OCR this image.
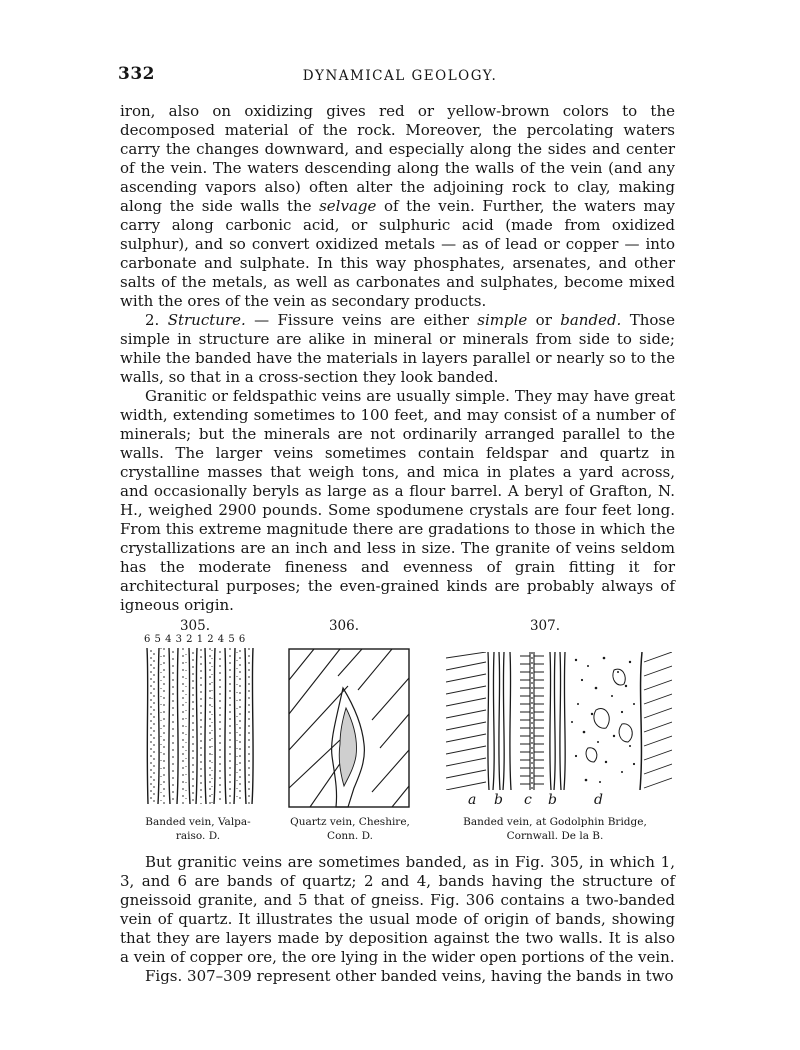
332	DYNAMICAL GEOLOGY.

iron, also on oxidizing gives red or yellow-brown colors to the decomposed material of the rock. Moreover, the percolating waters carry the changes downward, and especially along the sides and center of the vein. The waters descending along the walls of the vein (and any ascending vapors also) often alter the adjoining rock to clay, making along the side walls the selvage of the vein. Further, the waters may carry along carbonic acid, or sulphuric acid (made from oxidized sulphur), and so convert oxidized metals — as of lead or copper — into carbonate and sulphate. In this way phosphates, arsenates, and other salts of the metals, as well as carbonates and sulphates, become mixed with the ores of the vein as secondary products.

2. Structure. — Fissure veins are either simple or banded. Those simple in structure are alike in mineral or minerals from side to side; while the banded have the materials in layers parallel or nearly so to the walls, so that in a cross-section they look banded.

Granitic or feldspathic veins are usually simple. They may have great width, extending sometimes to 100 feet, and may consist of a number of minerals; but the minerals are not ordinarily arranged parallel to the walls. The larger veins sometimes contain feldspar and quartz in crystalline masses that weigh tons, and mica in plates a yard across, and occasionally beryls as large as a flour barrel. A beryl of Grafton, N. H., weighed 2900 pounds. Some spodumene crystals are four feet long. From this extreme magnitude there are gradations to those in which the crystallizations are an inch and less in size. The granite of veins seldom has the moderate fineness and evenness of grain fitting it for architectural purposes; the even-grained kinds are probably always of igneous origin.

305.
6 5 4 3 2 1 2 4 5 6
Banded vein, Valpa-
raiso. D.
306.
Quartz vein, Cheshire,
Conn. D.
307.
a b c b	d
Banded vein, at Godolphin Bridge,
Cornwall. De la B.

But granitic veins are sometimes banded, as in Fig. 305, in which 1, 3, and 6 are bands of quartz; 2 and 4, bands having the structure of gneissoid granite, and 5 that of gneiss. Fig. 306 contains a two-banded vein of quartz. It illustrates the usual mode of origin of bands, showing that they are layers made by deposition against the two walls. It is also a vein of copper ore, the ore lying in the wider open portions of the vein.

Figs. 307–309 represent other banded veins, having the bands in two
